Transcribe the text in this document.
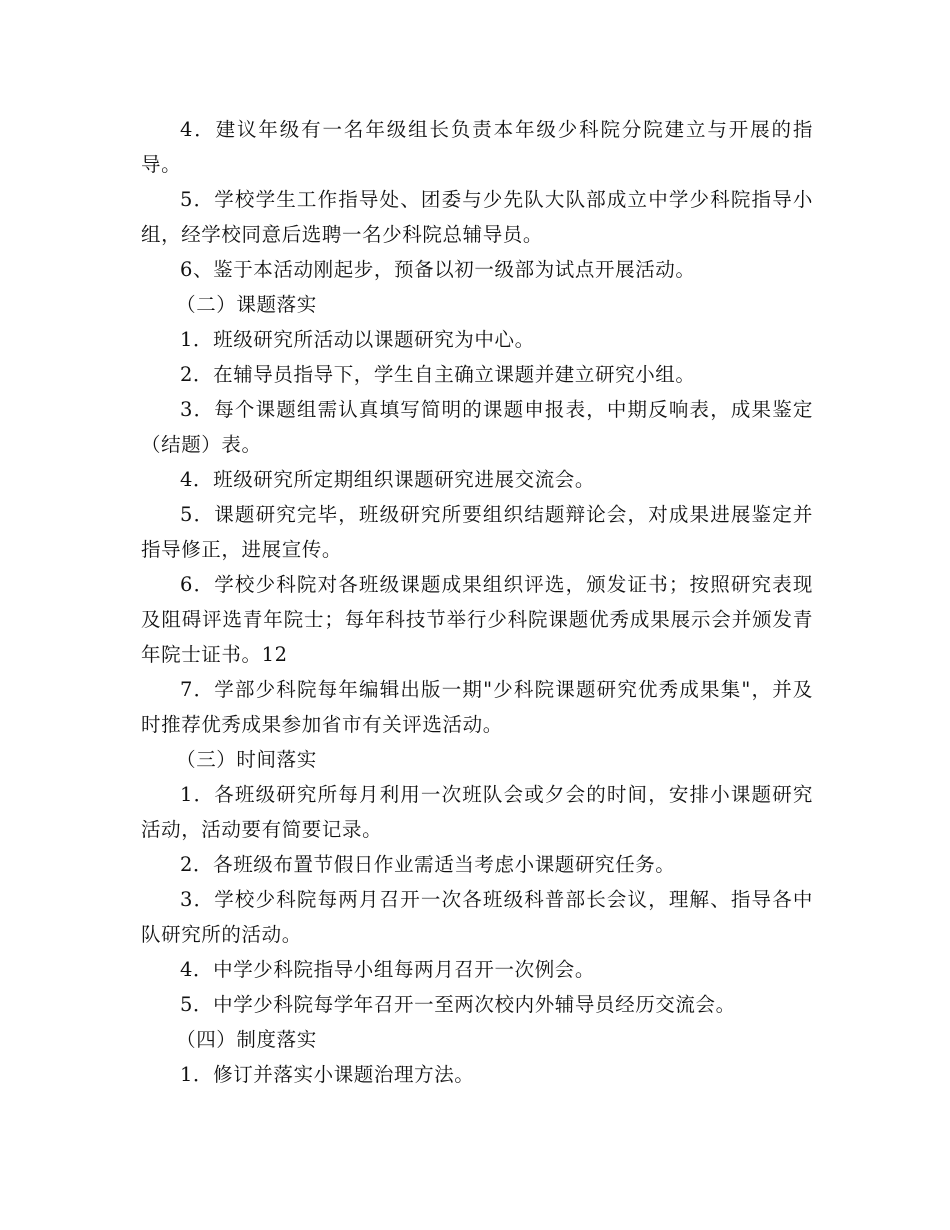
4．建议年级有一名年级组长负责本年级少科院分院建立与开展的指导。

5．学校学生工作指导处、团委与少先队大队部成立中学少科院指导小组，经学校同意后选聘一名少科院总辅导员。

6、鉴于本活动刚起步，预备以初一级部为试点开展活动。

（二）课题落实

1．班级研究所活动以课题研究为中心。

2．在辅导员指导下，学生自主确立课题并建立研究小组。

3．每个课题组需认真填写简明的课题申报表，中期反响表，成果鉴定（结题）表。

4．班级研究所定期组织课题研究进展交流会。

5．课题研究完毕，班级研究所要组织结题辩论会，对成果进展鉴定并指导修正，进展宣传。

6．学校少科院对各班级课题成果组织评选，颁发证书；按照研究表现及阻碍评选青年院士；每年科技节举行少科院课题优秀成果展示会并颁发青年院士证书。12

7．学部少科院每年编辑出版一期"少科院课题研究优秀成果集"，并及时推荐优秀成果参加省市有关评选活动。

（三）时间落实

1．各班级研究所每月利用一次班队会或夕会的时间，安排小课题研究活动，活动要有简要记录。

2．各班级布置节假日作业需适当考虑小课题研究任务。

3．学校少科院每两月召开一次各班级科普部长会议，理解、指导各中队研究所的活动。

4．中学少科院指导小组每两月召开一次例会。

5．中学少科院每学年召开一至两次校内外辅导员经历交流会。

（四）制度落实

1．修订并落实小课题治理方法。
